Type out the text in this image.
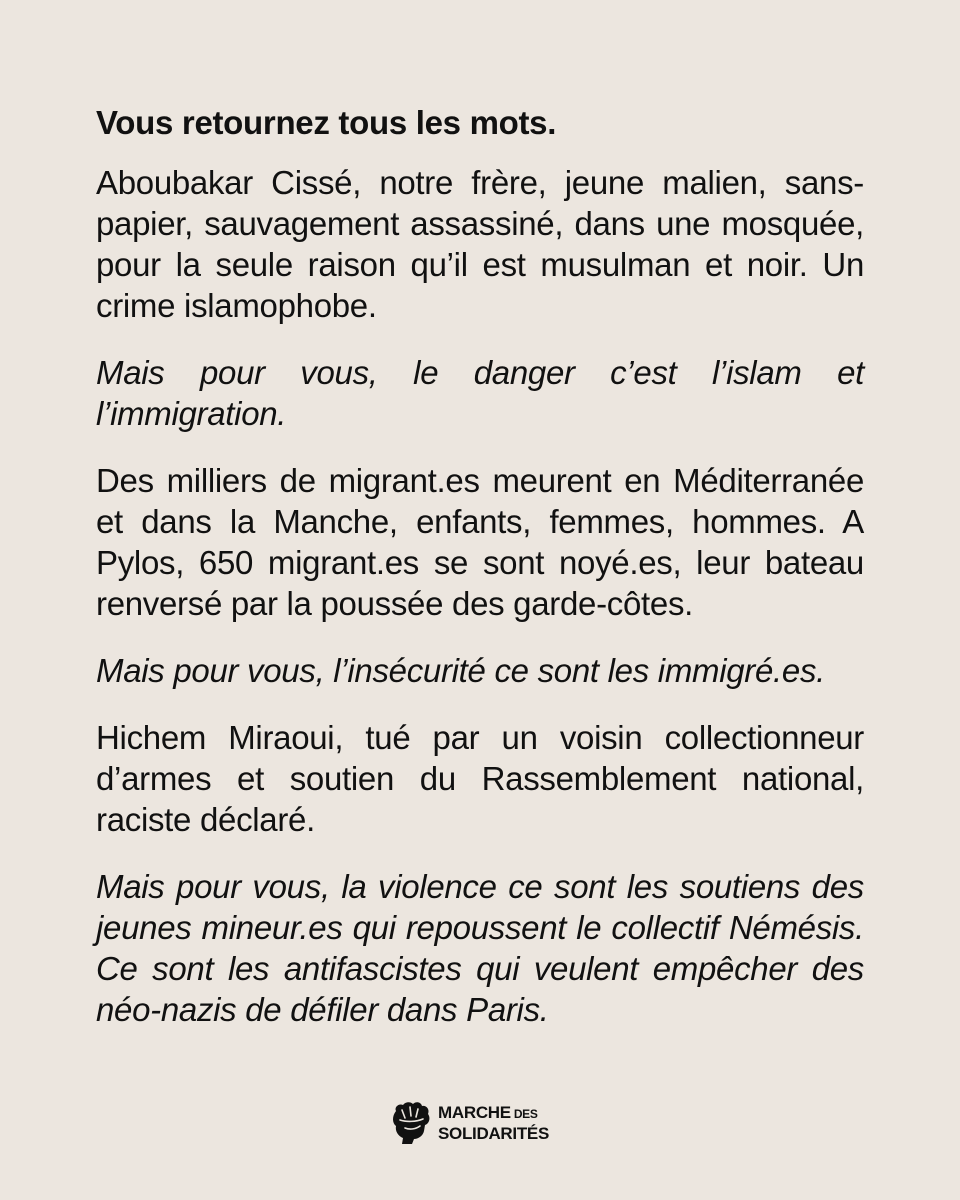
Vous retournez tous les mots.
Aboubakar Cissé, notre frère, jeune malien, sans-papier, sauvagement assassiné, dans une mosquée, pour la seule raison qu’il est musulman et noir. Un crime islamophobe.
Mais pour vous, le danger c’est l’islam et l’immigration.
Des milliers de migrant.es meurent en Méditerranée et dans la Manche, enfants, femmes, hommes. A Pylos, 650 migrant.es se sont noyé.es, leur bateau renversé par la poussée des garde-côtes.
Mais pour vous, l’insécurité ce sont les immigré.es.
Hichem Miraoui, tué par un voisin collectionneur d’armes et soutien du Rassemblement national, raciste déclaré.
Mais pour vous, la violence ce sont les soutiens des jeunes mineur.es qui repoussent le collectif Némésis. Ce sont les antifascistes qui veulent empêcher des néo-nazis de défiler dans Paris.
MARCHE DES
SOLIDARITÉS
